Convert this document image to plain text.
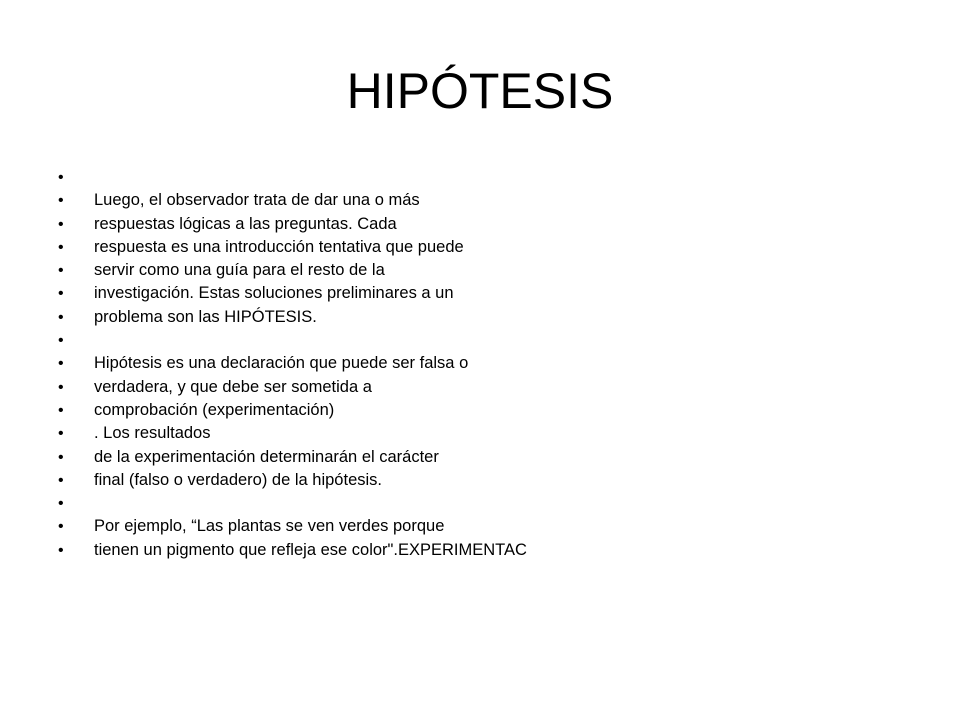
HIPÓTESIS
•
•	Luego, el observador trata de dar una o más
•	respuestas lógicas a las preguntas. Cada
•	respuesta es una introducción tentativa que puede
•	servir como una guía para el resto de la
•	investigación. Estas soluciones preliminares a un
•	problema son las HIPÓTESIS.
•
•	Hipótesis es una declaración que puede ser falsa o
•	verdadera, y que debe ser sometida a
•	comprobación (experimentación)
•	. Los resultados
•	de la experimentación determinarán el carácter
•	final (falso o verdadero) de la hipótesis.
•
•	Por ejemplo, “Las plantas se ven verdes porque
•	tienen un pigmento que refleja ese color".EXPERIMENTAC
